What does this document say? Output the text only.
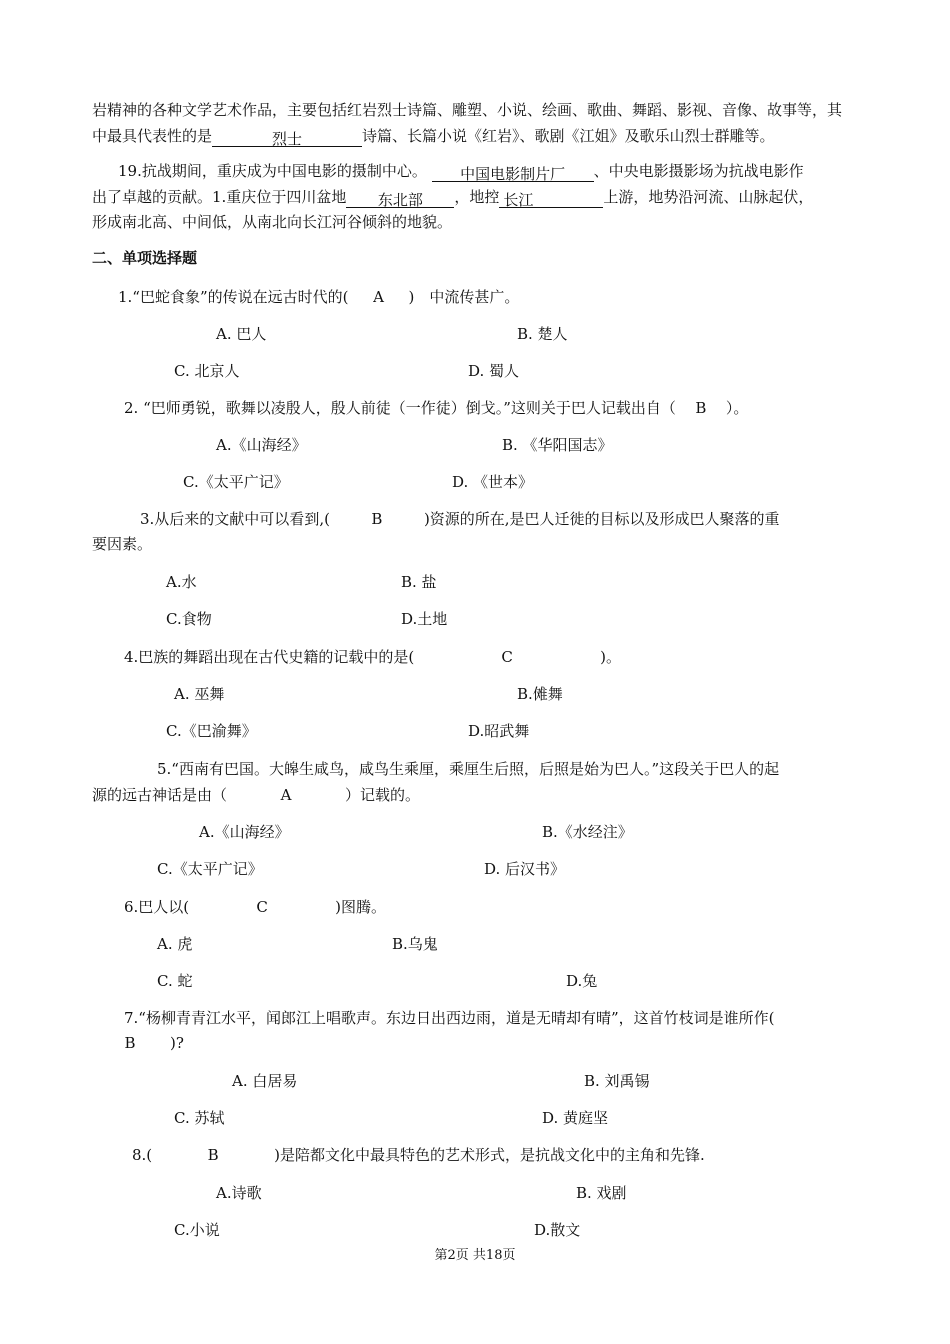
岩精神的各种文学艺术作品，主要包括红岩烈士诗篇、雕塑、小说、绘画、歌曲、舞蹈、影视、音像、故事等，其
中最具代表性的是	烈士	诗篇、长篇小说《红岩》、歌剧《江姐》及歌乐山烈士群雕等。
19.抗战期间，重庆成为中国电影的摄制中心。 中国电影制片厂 、中央电影摄影场为抗战电影作
出了卓越的贡献。1.重庆位于四川盆地 东北部 ，地控 长江	上游，地势沿河流、山脉起伏，
形成南北高、中间低，从南北向长江河谷倾斜的地貌。
二、单项选择题
1.“巴蛇食象”的传说在远古时代的( A )　中流传甚广。
A. 巴人	B. 楚人
C. 北京人	D. 蜀人
2. “巴师勇锐，歌舞以凌殷人，殷人前徒（一作徒）倒戈。”这则关于巴人记载出自（ B ）。
A.《山海经》	B. 《华阳国志》
C.《太平广记》	D. 《世本》
3.从后来的文献中可以看到,(	B	)资源的所在,是巴人迁徙的目标以及形成巴人聚落的重
要因素。
A.水	B. 盐
C.食物	D.土地
4.巴族的舞蹈出现在古代史籍的记载中的是(	C	)。
A. 巫舞	B.傩舞
C.《巴渝舞》	D.昭武舞
5.“西南有巴国。大皞生咸鸟，咸鸟生乘厘，乘厘生后照，后照是始为巴人。”这段关于巴人的起
源的远古神话是由（	A	）记载的。
A.《山海经》	B.《水经注》
C.《太平广记》	D. 后汉书》
6.巴人以(	C	)图腾。
A. 虎	B.乌鬼
C. 蛇	D.兔
7.“杨柳青青江水平，闻郎江上唱歌声。东边日出西边雨，道是无晴却有晴”，这首竹枝词是谁所作(
B )?
A. 白居易	B. 刘禹锡
C. 苏轼	D. 黄庭坚
8.(	B	)是陪都文化中最具特色的艺术形式，是抗战文化中的主角和先锋.
A.诗歌	B. 戏剧
C.小说	D.散文
第2页 共18页
